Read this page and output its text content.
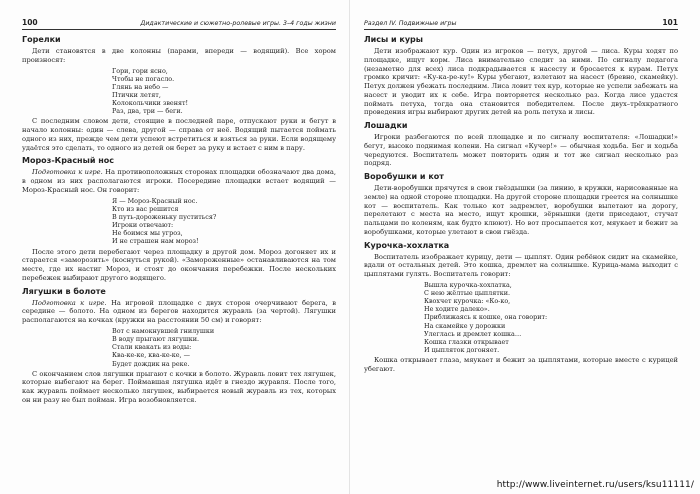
100	Дидактические и сюжетно-ролевые игры. 3–4 годы жизни
Горелки

Дети становятся в две колонны (парами, впереди — водящий). Все хором произносят:

Гори, гори ясно,
Чтобы не погасло.
Глянь на небо —
Птички летят,
Колокольчики звенят!
Раз, два, три — беги.

С последним словом дети, стоящие в последней паре, отпускают руки и бегут в начало колонны: один — слева, другой — справа от неё. Водящий пытается поймать одного из них, прежде чем дети успеют встретиться и взяться за руки. Если водящему удаётся это сделать, то одного из детей он берет за руку и встает с ним в пару.

Мороз-Красный нос

Подготовка к игре. На противоположных сторонах площадки обозначают два дома, в одном из них располагаются игроки. Посередине площадки встает водящий — Мороз-Красный нос. Он говорит:

Я — Мороз-Красный нос.
Кто из вас решится
В путь-дороженьку пуститься?
Игроки отвечают:
Не боимся мы угроз,
И не страшен нам мороз!

После этого дети перебегают через площадку в другой дом. Мороз догоняет их и старается «заморозить» (коснуться рукой). «Замороженные» останавливаются на том месте, где их настиг Мороз, и стоят до окончания перебежки. После нескольких перебежек выбирают другого водящего.

Лягушки в болоте

Подготовка к игре. На игровой площадке с двух сторон очерчивают берега, в середине — болото. На одном из берегов находится журавль (за чертой). Лягушки располагаются на кочках (кружки на расстоянии 50 см) и говорят:

Вот с намокнувшей гнилушки
В воду прыгают лягушки.
Стали квакать из воды:
Ква-ке-ке, ква-ке-ке, —
Будет дождик на реке.

С окончанием слов лягушки прыгают с кочки в болото. Журавль ловит тех лягушек, которые выбегают на берег. Поймавшая лягушка идёт в гнездо журавля. После того, как журавль поймает несколько лягушек, выбирается новый журавль из тех, которых он ни разу не был пойман. Игра возобновляется.

Раздел IV. Подвижные игры	101
Лисы и куры

Дети изображают кур. Один из игроков — петух, другой — лиса. Куры ходят по площадке, ищут корм. Лиса внимательно следит за ними. По сигналу педагога (незаметно для всех) лиса подкрадывается к насесту и бросается к курам. Петух громко кричит: «Ку-ка-ре-ку!» Куры убегают, взлетают на насест (бревно, скамейку). Петух должен убежать последним. Лиса ловит тех кур, которые не успели забежать на насест и уводит их к себе. Игра повторяется несколько раз. Когда лисе удастся поймать петуха, тогда она становится победителем. После двух–трёхкратного проведения игры выбирают других детей на роль петуха и лисы.

Лошадки

Игроки разбегаются по всей площадке и по сигналу воспитателя: «Лошадки!» бегут, высоко поднимая колени. На сигнал «Кучер!» — обычная ходьба. Бег и ходьба чередуются. Воспитатель может повторить один и тот же сигнал несколько раз подряд.

Воробушки и кот

Дети-воробушки прячутся в свои гнёздышки (за линию, в кружки, нарисованные на земле) на одной стороне площадки. На другой стороне площадки греется на солнышке кот — воспитатель. Как только кот задремлет, воробушки вылетают на дорогу, перелетают с места на место, ищут крошки, зёрнышки (дети приседают, стучат пальцами по коленям, как будто клюют). Но вот просыпается кот, мяукает и бежит за воробушками, которые улетают в свои гнёзда.

Курочка-хохлатка

Воспитатель изображает курицу, дети — цыплят. Один ребёнок сидит на скамейке, вдали от остальных детей. Это кошка, дремлет на солнышке. Курица-мама выходит с цыплятами гулять. Воспитатель говорит:

Вышла курочка-хохлатка,
С нею жёлтые цыплятки.
Квохчет курочка: «Ко-ко,
Не ходите далеко».
Приближаясь к кошке, она говорит:
На скамейке у дорожки
Улеглась и дремлет кошка…
Кошка глазки открывает
И цыпляток догоняет.

Кошка открывает глаза, мяукает и бежит за цыплятами, которые вместе с курицей убегают.

http://www.liveinternet.ru/users/ksu11111/
